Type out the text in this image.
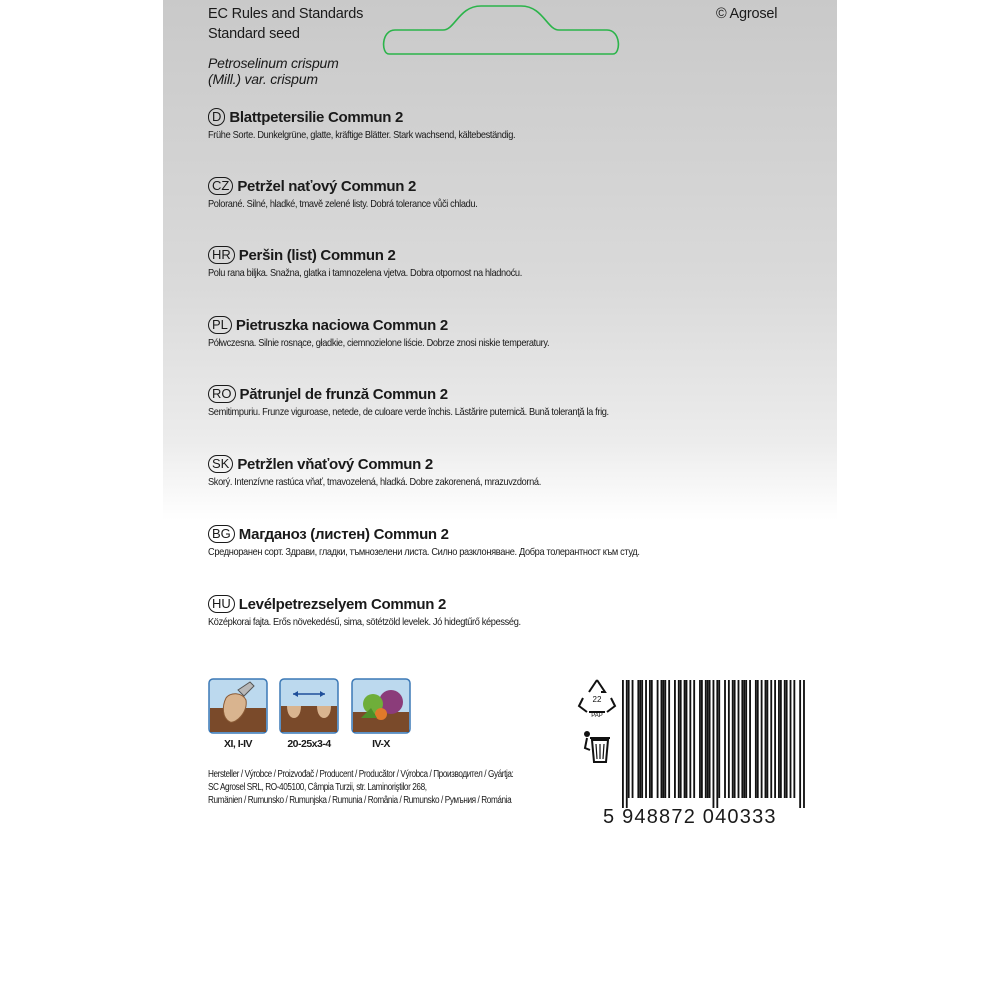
EC Rules and Standards
Standard seed
Petroselinum crispum
(Mill.) var. crispum
© Agrosel
D Blattpetersilie Commun 2
Frühe Sorte. Dunkelgrüne, glatte, kräftige Blätter. Stark wachsend, kältebeständig.
CZ Petržel naťový Commun 2
Polorané. Silné, hladké, tmavě zelené listy. Dobrá tolerance vůči chladu.
HR Peršin (list) Commun 2
Polu rana biljka. Snažna, glatka i tamnozelena vjetva. Dobra otpornost na hladnoću.
PL Pietruszka naciowa Commun 2
Półwczesna. Silnie rosnące, gładkie, ciemnozielone liście. Dobrze znosi niskie temperatury.
RO Pătrunjel de frunză Commun 2
Semitimpuriu. Frunze viguroase, netede, de culoare verde închis. Lăstărire puternică. Bună toleranţă la frig.
SK Petržlen vňaťový Commun 2
Skorý. Intenzívne rastúca vňať, tmavozelená, hladká. Dobre zakorenená, mrazuvzdorná.
BG Магданоз (листен) Commun 2
Средноранен сорт. Здрави, гладки, тъмнозелени листа. Силно разклоняване. Добра толерантност към студ.
HU Levélpetrezselyem Commun 2
Középkorai fajta. Erős növekedésű, sima, sötétzöld levelek. Jó hidegtűrő képesség.
XI, I-IV	20-25x3-4	IV-X
Hersteller / Výrobce / Proizvođač / Producent / Producător / Výrobca / Производител / Gyártja:
SC Agrosel SRL, RO-405100, Câmpia Turzii, str. Laminoriştilor 268,
Rumänien / Rumunsko / Rumunjska / Rumunia / România / Rumunsko / Румъния / Románia
22
PAP
5 948872 040333
